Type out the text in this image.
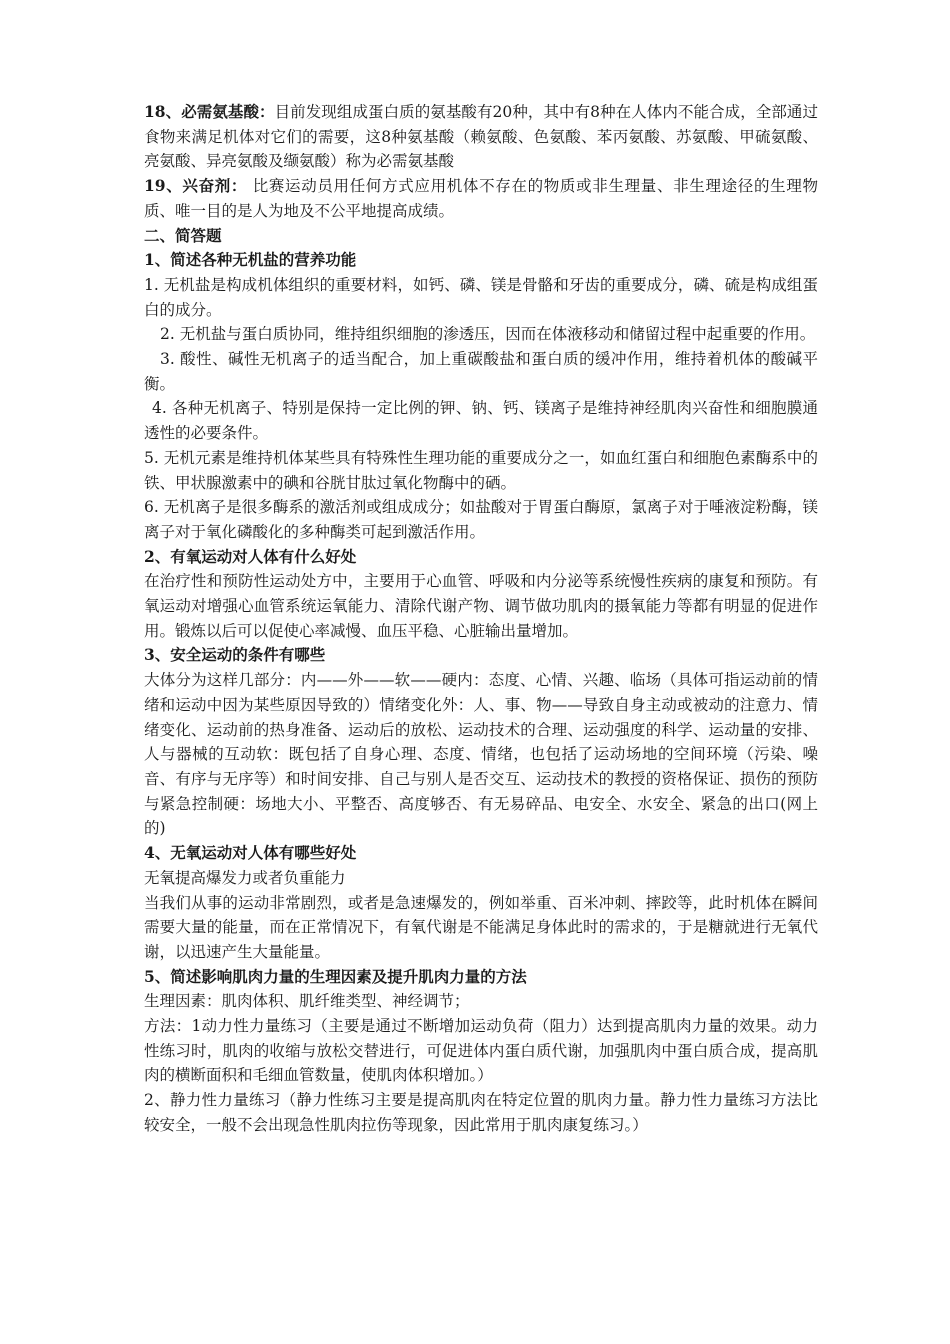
18、必需氨基酸：目前发现组成蛋白质的氨基酸有20种，其中有8种在人体内不能合成，全部通过食物来满足机体对它们的需要，这8种氨基酸（赖氨酸、色氨酸、苯丙氨酸、苏氨酸、甲硫氨酸、亮氨酸、异亮氨酸及缬氨酸）称为必需氨基酸

19、兴奋剂： 比赛运动员用任何方式应用机体不存在的物质或非生理量、非生理途径的生理物质、唯一目的是人为地及不公平地提高成绩。

二、简答题

1、简述各种无机盐的营养功能

1. 无机盐是构成机体组织的重要材料，如钙、磷、镁是骨骼和牙齿的重要成分，磷、硫是构成组蛋白的成分。

2. 无机盐与蛋白质协同，维持组织细胞的渗透压，因而在体液移动和储留过程中起重要的作用。

3. 酸性、碱性无机离子的适当配合，加上重碳酸盐和蛋白质的缓冲作用，维持着机体的酸碱平衡。

4. 各种无机离子、特别是保持一定比例的钾、钠、钙、镁离子是维持神经肌肉兴奋性和细胞膜通透性的必要条件。

5. 无机元素是维持机体某些具有特殊性生理功能的重要成分之一，如血红蛋白和细胞色素酶系中的铁、甲状腺激素中的碘和谷胱甘肽过氧化物酶中的硒。

6. 无机离子是很多酶系的激活剂或组成成分；如盐酸对于胃蛋白酶原，氯离子对于唾液淀粉酶，镁离子对于氧化磷酸化的多种酶类可起到激活作用。

2、有氧运动对人体有什么好处

在治疗性和预防性运动处方中，主要用于心血管、呼吸和内分泌等系统慢性疾病的康复和预防。有氧运动对增强心血管系统运氧能力、清除代谢产物、调节做功肌肉的摄氧能力等都有明显的促进作用。锻炼以后可以促使心率减慢、血压平稳、心脏输出量增加。

3、安全运动的条件有哪些

大体分为这样几部分：内——外——软——硬内：态度、心情、兴趣、临场（具体可指运动前的情绪和运动中因为某些原因导致的）情绪变化外：人、事、物——导致自身主动或被动的注意力、情绪变化、运动前的热身准备、运动后的放松、运动技术的合理、运动强度的科学、运动量的安排、人与器械的互动软：既包括了自身心理、态度、情绪，也包括了运动场地的空间环境（污染、噪音、有序与无序等）和时间安排、自己与别人是否交互、运动技术的教授的资格保证、损伤的预防与紧急控制硬：场地大小、平整否、高度够否、有无易碎品、电安全、水安全、紧急的出口(网上的)

4、无氧运动对人体有哪些好处

无氧提高爆发力或者负重能力

当我们从事的运动非常剧烈，或者是急速爆发的，例如举重、百米冲刺、摔跤等，此时机体在瞬间需要大量的能量，而在正常情况下，有氧代谢是不能满足身体此时的需求的，于是糖就进行无氧代谢，以迅速产生大量能量。

5、简述影响肌肉力量的生理因素及提升肌肉力量的方法

生理因素：肌肉体积、肌纤维类型、神经调节；

方法：1动力性力量练习（主要是通过不断增加运动负荷（阻力）达到提高肌肉力量的效果。动力性练习时，肌肉的收缩与放松交替进行，可促进体内蛋白质代谢，加强肌肉中蛋白质合成，提高肌肉的横断面积和毛细血管数量，使肌肉体积增加。）

2、静力性力量练习（静力性练习主要是提高肌肉在特定位置的肌肉力量。静力性力量练习方法比较安全，一般不会出现急性肌肉拉伤等现象，因此常用于肌肉康复练习。）
